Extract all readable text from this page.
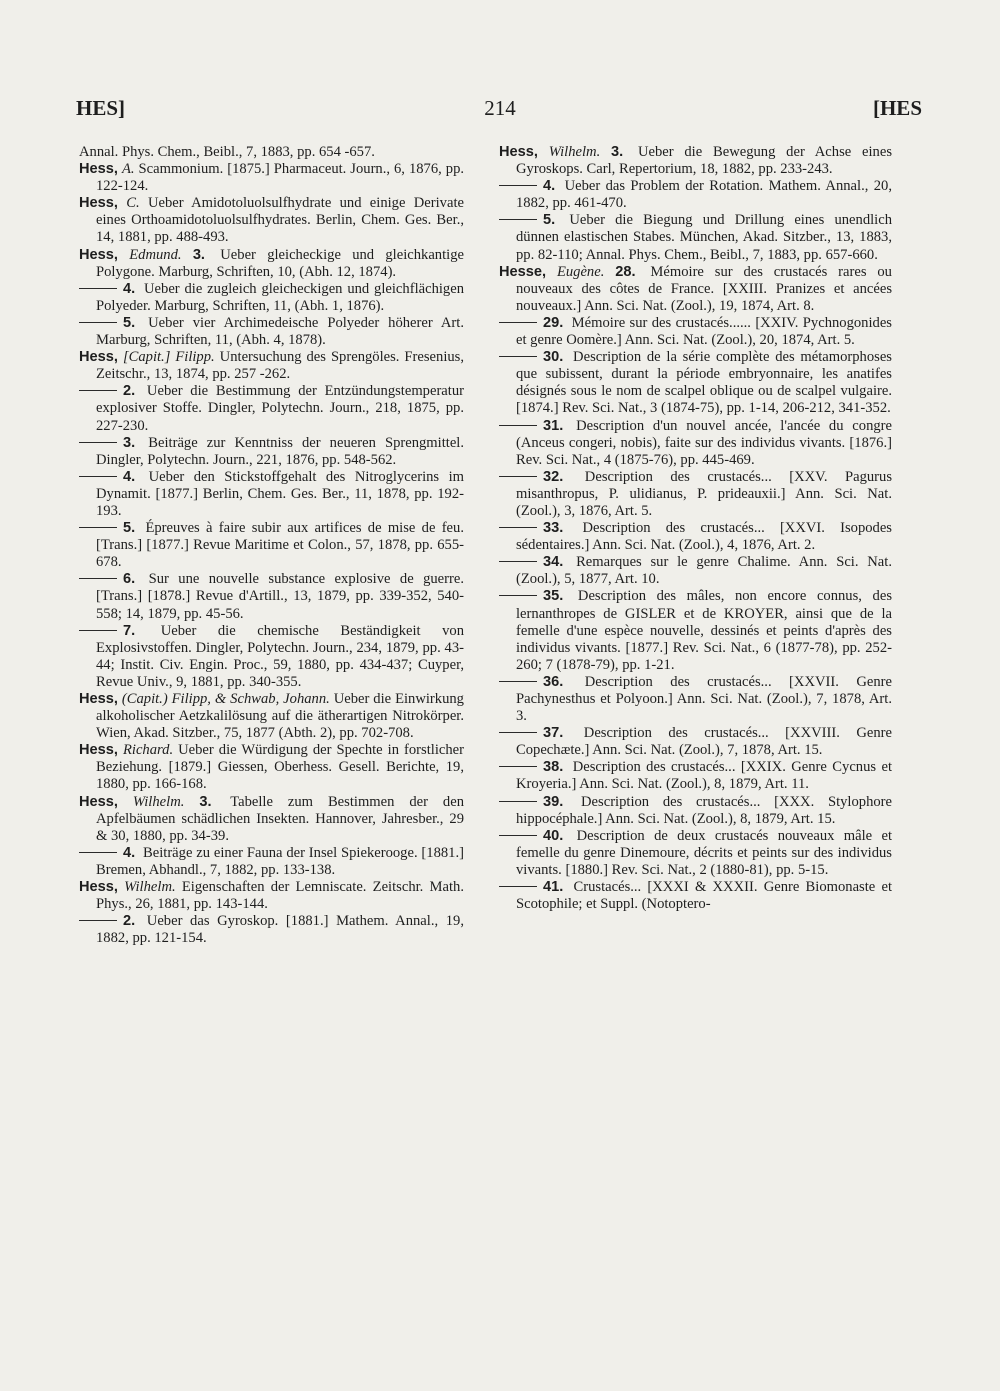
HES]	214	[HES

Annal. Phys. Chem., Beibl., 7, 1883, pp. 654 -657.

Hess, A. Scammonium. [1875.] Pharmaceut. Journ., 6, 1876, pp. 122-124.

Hess, C. Ueber Amidotoluolsulfhydrate und einige Derivate eines Orthoamidotoluolsulfhydrates. Berlin, Chem. Ges. Ber., 14, 1881, pp. 488-493.

Hess, Edmund. 3. Ueber gleicheckige und gleichkantige Polygone. Marburg, Schriften, 10, (Abh. 12, 1874).

4. Ueber die zugleich gleicheckigen und gleichflächigen Polyeder. Marburg, Schriften, 11, (Abh. 1, 1876).

5. Ueber vier Archimedeische Polyeder höherer Art. Marburg, Schriften, 11, (Abh. 4, 1878).

Hess, [Capit.] Filipp. Untersuchung des Sprengöles. Fresenius, Zeitschr., 13, 1874, pp. 257 -262.

2. Ueber die Bestimmung der Entzündungstemperatur explosiver Stoffe. Dingler, Polytechn. Journ., 218, 1875, pp. 227-230.

3. Beiträge zur Kenntniss der neueren Sprengmittel. Dingler, Polytechn. Journ., 221, 1876, pp. 548-562.

4. Ueber den Stickstoffgehalt des Nitroglycerins im Dynamit. [1877.] Berlin, Chem. Ges. Ber., 11, 1878, pp. 192-193.

5. Épreuves à faire subir aux artifices de mise de feu. [Trans.] [1877.] Revue Maritime et Colon., 57, 1878, pp. 655-678.

6. Sur une nouvelle substance explosive de guerre. [Trans.] [1878.] Revue d'Artill., 13, 1879, pp. 339-352, 540-558; 14, 1879, pp. 45-56.

7. Ueber die chemische Beständigkeit von Explosivstoffen. Dingler, Polytechn. Journ., 234, 1879, pp. 43-44; Instit. Civ. Engin. Proc., 59, 1880, pp. 434-437; Cuyper, Revue Univ., 9, 1881, pp. 340-355.

Hess, (Capit.) Filipp, & Schwab, Johann. Ueber die Einwirkung alkoholischer Aetzkalilösung auf die ätherartigen Nitrokörper. Wien, Akad. Sitzber., 75, 1877 (Abth. 2), pp. 702-708.

Hess, Richard. Ueber die Würdigung der Spechte in forstlicher Beziehung. [1879.] Giessen, Oberhess. Gesell. Berichte, 19, 1880, pp. 166-168.

Hess, Wilhelm. 3. Tabelle zum Bestimmen der den Apfelbäumen schädlichen Insekten. Hannover, Jahresber., 29 & 30, 1880, pp. 34-39.

4. Beiträge zu einer Fauna der Insel Spiekerooge. [1881.] Bremen, Abhandl., 7, 1882, pp. 133-138.

Hess, Wilhelm. Eigenschaften der Lemniscate. Zeitschr. Math. Phys., 26, 1881, pp. 143-144.

2. Ueber das Gyroskop. [1881.] Mathem. Annal., 19, 1882, pp. 121-154.

Hess, Wilhelm. 3. Ueber die Bewegung der Achse eines Gyroskops. Carl, Repertorium, 18, 1882, pp. 233-243.

4. Ueber das Problem der Rotation. Mathem. Annal., 20, 1882, pp. 461-470.

5. Ueber die Biegung und Drillung eines unendlich dünnen elastischen Stabes. München, Akad. Sitzber., 13, 1883, pp. 82-110; Annal. Phys. Chem., Beibl., 7, 1883, pp. 657-660.

Hesse, Eugène. 28. Mémoire sur des crustacés rares ou nouveaux des côtes de France. [XXIII. Pranizes et ancées nouveaux.] Ann. Sci. Nat. (Zool.), 19, 1874, Art. 8.

29. Mémoire sur des crustacés...... [XXIV. Pychnogonides et genre Oomère.] Ann. Sci. Nat. (Zool.), 20, 1874, Art. 5.

30. Description de la série complète des métamorphoses que subissent, durant la période embryonnaire, les anatifes désignés sous le nom de scalpel oblique ou de scalpel vulgaire. [1874.] Rev. Sci. Nat., 3 (1874-75), pp. 1-14, 206-212, 341-352.

31. Description d'un nouvel ancée, l'ancée du congre (Anceus congeri, nobis), faite sur des individus vivants. [1876.] Rev. Sci. Nat., 4 (1875-76), pp. 445-469.

32. Description des crustacés... [XXV. Pagurus misanthropus, P. ulidianus, P. prideauxii.] Ann. Sci. Nat. (Zool.), 3, 1876, Art. 5.

33. Description des crustacés... [XXVI. Isopodes sédentaires.] Ann. Sci. Nat. (Zool.), 4, 1876, Art. 2.

34. Remarques sur le genre Chalime. Ann. Sci. Nat. (Zool.), 5, 1877, Art. 10.

35. Description des mâles, non encore connus, des lernanthropes de GISLER et de KROYER, ainsi que de la femelle d'une espèce nouvelle, dessinés et peints d'après des individus vivants. [1877.] Rev. Sci. Nat., 6 (1877-78), pp. 252-260; 7 (1878-79), pp. 1-21.

36. Description des crustacés... [XXVII. Genre Pachynesthus et Polyoon.] Ann. Sci. Nat. (Zool.), 7, 1878, Art. 3.

37. Description des crustacés... [XXVIII. Genre Copechæte.] Ann. Sci. Nat. (Zool.), 7, 1878, Art. 15.

38. Description des crustacés... [XXIX. Genre Cycnus et Kroyeria.] Ann. Sci. Nat. (Zool.), 8, 1879, Art. 11.

39. Description des crustacés... [XXX. Stylophore hippocéphale.] Ann. Sci. Nat. (Zool.), 8, 1879, Art. 15.

40. Description de deux crustacés nouveaux mâle et femelle du genre Dinemoure, décrits et peints sur des individus vivants. [1880.] Rev. Sci. Nat., 2 (1880-81), pp. 5-15.

41. Crustacés... [XXXI & XXXII. Genre Biomonaste et Scotophile; et Suppl. (Notoptero-
